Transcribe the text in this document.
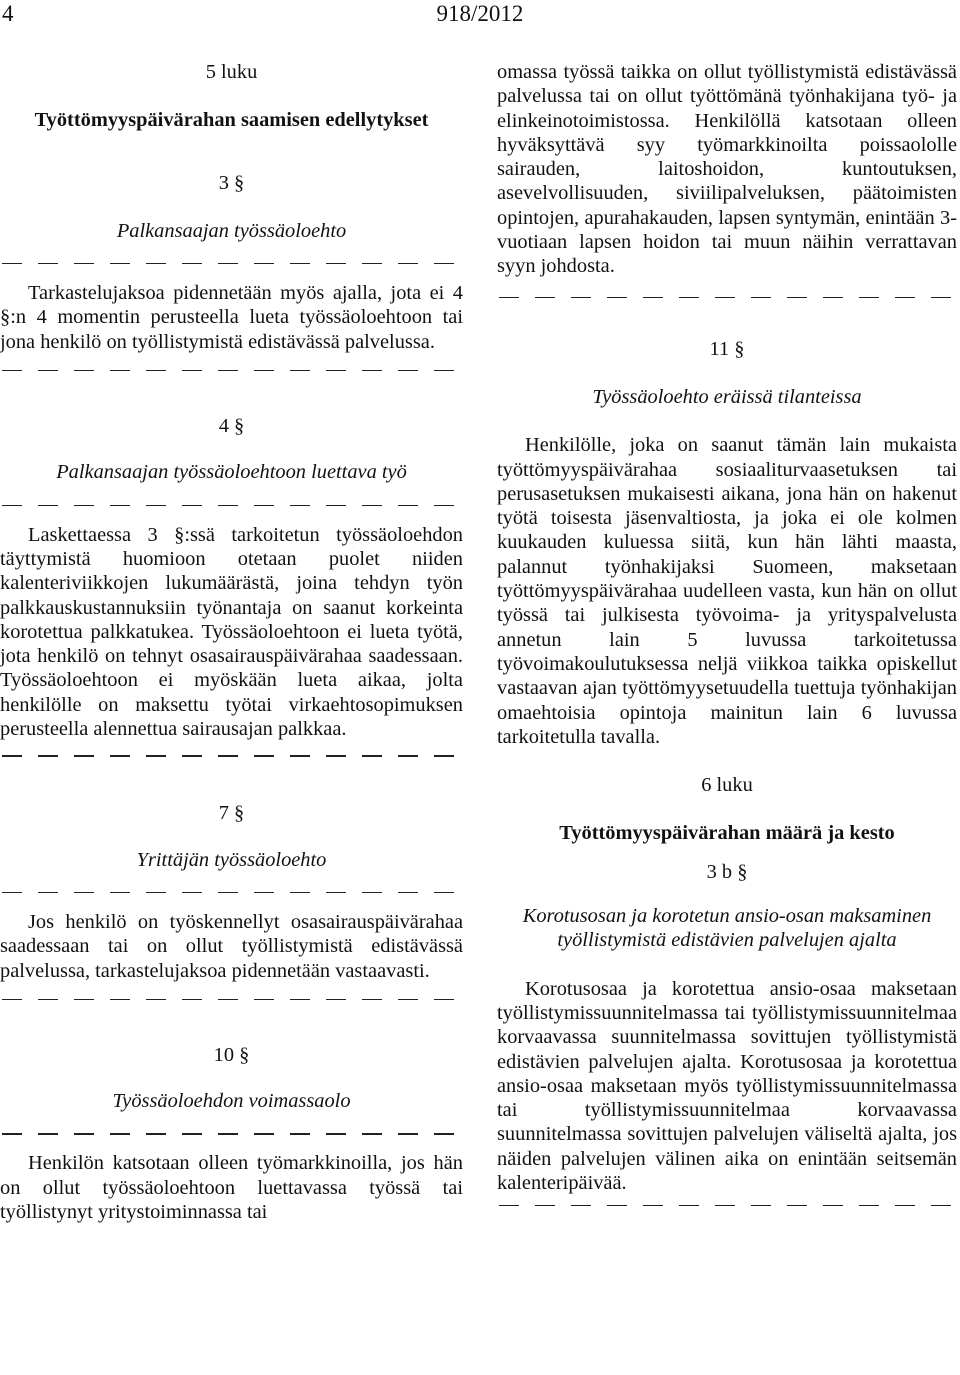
4	918/2012

5 luku

Työttömyyspäivärahan saamisen edellytykset

3 §

Palkansaajan työssäoloehto

Tarkastelujaksoa pidennetään myös ajalla, jota ei 4 §:n 4 momentin perusteella lueta työssäoloehtoon tai jona henkilö on työllistymistä edistävässä palvelussa.

4 §

Palkansaajan työssäoloehtoon luettava työ

Laskettaessa 3 §:ssä tarkoitetun työssäoloehdon täyttymistä huomioon otetaan puolet niiden kalenteriviikkojen lukumäärästä, joina tehdyn työn palkkauskustannuksiin työnantaja on saanut korkeinta korotettua palkkatukea. Työssäoloehtoon ei lueta työtä, jota henkilö on tehnyt osasairauspäivärahaa saadessaan. Työssäoloehtoon ei myöskään lueta aikaa, jolta henkilölle on maksettu työtai virkaehtosopimuksen perusteella alennettua sairausajan palkkaa.

7 §

Yrittäjän työssäoloehto

Jos henkilö on työskennellyt osasairauspäivärahaa saadessaan tai on ollut työllistymistä edistävässä palvelussa, tarkastelujaksoa pidennetään vastaavasti.

10 §

Työssäoloehdon voimassaolo

Henkilön katsotaan olleen työmarkkinoilla, jos hän on ollut työssäoloehtoon luettavassa työssä tai työllistynyt yritystoiminnassa tai

omassa työssä taikka on ollut työllistymistä edistävässä palvelussa tai on ollut työttömänä työnhakijana työ- ja elinkeinotoimistossa. Henkilöllä katsotaan olleen hyväksyttävä syy työmarkkinoilta poissaololle sairauden, laitoshoidon, kuntoutuksen, asevelvollisuuden, siviilipalveluksen, päätoimisten opintojen, apurahakauden, lapsen syntymän, enintään 3-vuotiaan lapsen hoidon tai muun näihin verrattavan syyn johdosta.

11 §

Työssäoloehto eräissä tilanteissa

Henkilölle, joka on saanut tämän lain mukaista työttömyyspäivärahaa sosiaaliturvaasetuksen tai perusasetuksen mukaisesti aikana, jona hän on hakenut työtä toisesta jäsenvaltiosta, ja joka ei ole kolmen kuukauden kuluessa siitä, kun hän lähti maasta, palannut työnhakijaksi Suomeen, maksetaan työttömyyspäivärahaa uudelleen vasta, kun hän on ollut työssä tai julkisesta työvoima- ja yrityspalvelusta annetun lain 5 luvussa tarkoitetussa työvoimakoulutuksessa neljä viikkoa taikka opiskellut vastaavan ajan työttömyysetuudella tuettuja työnhakijan omaehtoisia opintoja mainitun lain 6 luvussa tarkoitetulla tavalla.

6 luku

Työttömyyspäivärahan määrä ja kesto

3 b §

Korotusosan ja korotetun ansio-osan maksaminen työllistymistä edistävien palvelujen ajalta

Korotusosaa ja korotettua ansio-osaa maksetaan työllistymissuunnitelmassa tai työllistymissuunnitelmaa korvaavassa suunnitelmassa sovittujen työllistymistä edistävien palvelujen ajalta. Korotusosaa ja korotettua ansio-osaa maksetaan myös työllistymissuunnitelmassa tai työllistymissuunnitelmaa korvaavassa suunnitelmassa sovittujen palvelujen väliseltä ajalta, jos näiden palvelujen välinen aika on enintään seitsemän kalenteripäivää.
